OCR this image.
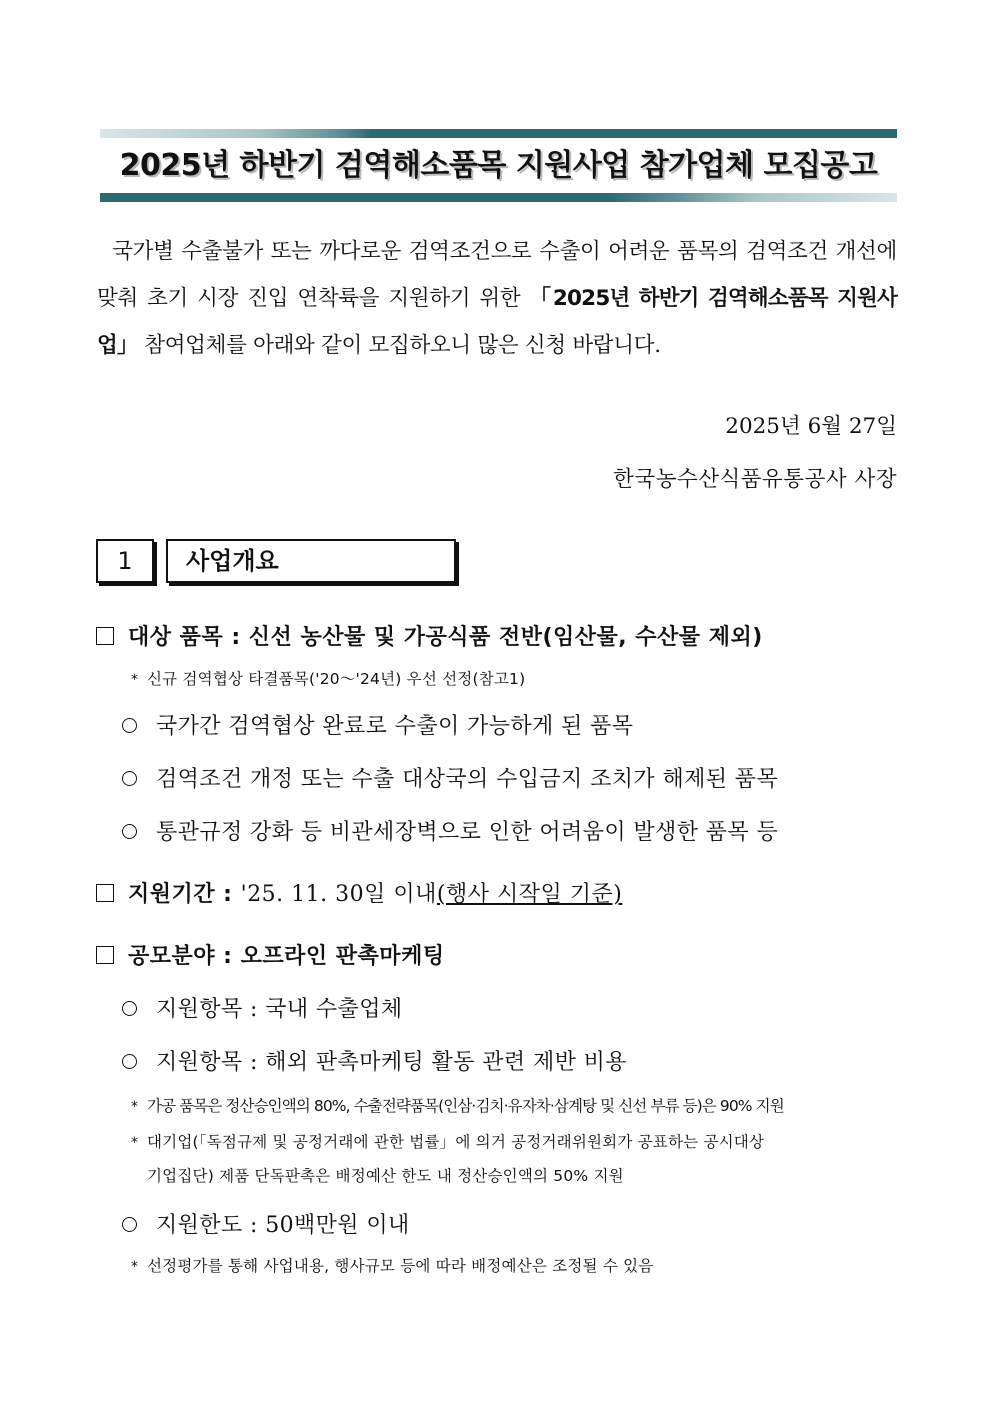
2025년 하반기 검역해소품목 지원사업 참가업체 모집공고
국가별 수출불가 또는 까다로운 검역조건으로 수출이 어려운 품목의 검역조건 개선에 맞춰 초기 시장 진입 연착륙을 지원하기 위한 「2025년 하반기 검역해소품목 지원사업」 참여업체를 아래와 같이 모집하오니 많은 신청 바랍니다.
2025년 6월 27일
한국농수산식품유통공사 사장
1	사업개요
대상 품목 : 신선 농산물 및 가공식품 전반(임산물, 수산물 제외)
* 신규 검역협상 타결품목('20～'24년) 우선 선정(참고1)
국가간 검역협상 완료로 수출이 가능하게 된 품목
검역조건 개정 또는 수출 대상국의 수입금지 조치가 해제된 품목
통관규정 강화 등 비관세장벽으로 인한 어려움이 발생한 품목 등
지원기간 : '25. 11. 30일 이내(행사 시작일 기준)
공모분야 : 오프라인 판촉마케팅
지원항목 : 국내 수출업체
지원항목 : 해외 판촉마케팅 활동 관련 제반 비용
* 가공 품목은 정산승인액의 80%, 수출전략품목(인삼·김치·유자차·삼계탕 및 신선 부류 등)은 90% 지원
* 대기업(「독점규제 및 공정거래에 관한 법률」에 의거 공정거래위원회가 공표하는 공시대상
기업집단) 제품 단독판촉은 배정예산 한도 내 정산승인액의 50% 지원
지원한도 : 50백만원 이내
* 선정평가를 통해 사업내용, 행사규모 등에 따라 배정예산은 조정될 수 있음
